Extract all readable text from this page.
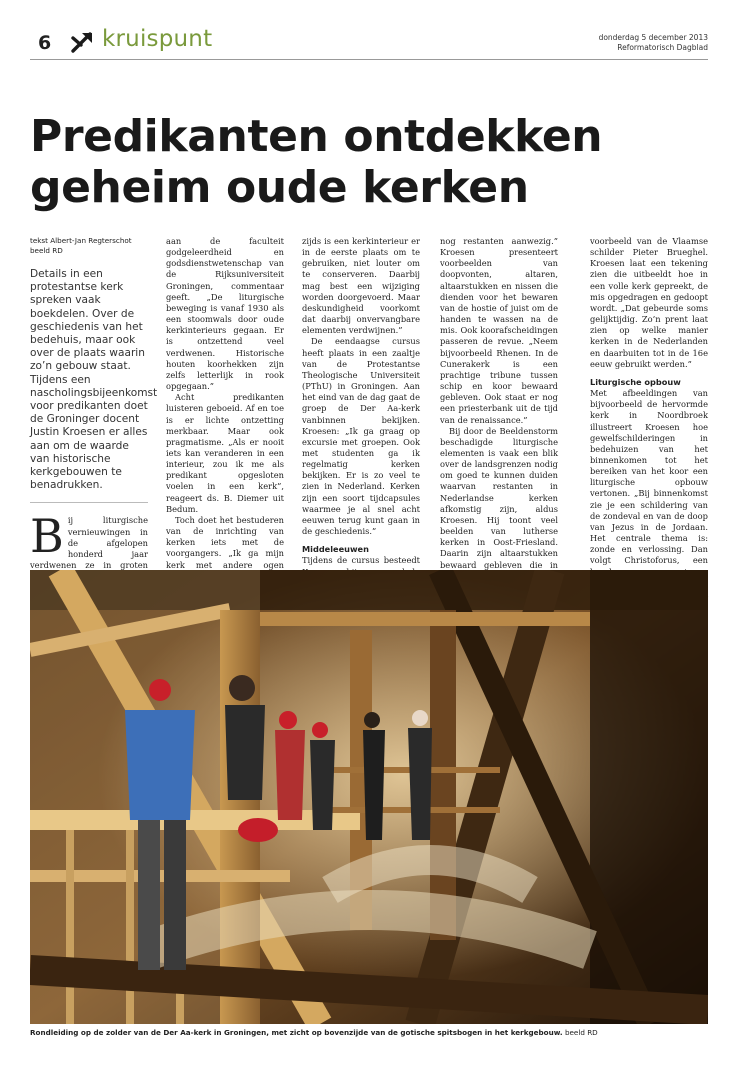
6 kruispunt	donderdag 5 december 2013
Reformatorisch Dagblad
Predikanten ontdekken
geheim oude kerken
tekst Albert-Jan Regterschot
beeld RD
Details in een protestantse kerk spreken vaak boekdelen. Over de geschiedenis van het bedehuis, maar ook over de plaats waarin zo’n gebouw staat. Tijdens een nascholingsbijeenkomst voor predikanten doet de Groninger docent Justin Kroesen er alles aan om de waarde van historische kerkgebouwen te benadrukken.

Bij liturgische vernieuwingen in de afgelopen honderd jaar verdwenen ze in groten

aan de faculteit godgeleerdheid en godsdienstwetenschap van de Rijksuniversiteit Groningen, commentaar geeft. „De liturgische beweging is vanaf 1930 als een stoomwals door oude kerkinterieurs gegaan. Er is ontzettend veel verdwenen. Historische houten koorhekken zijn zelfs letterlijk in rook opgegaan.”

Acht predikanten luisteren geboeid. Af en toe is er lichte ontzetting merkbaar. Maar ook pragmatisme. „Als er nooit iets kan veranderen in een interieur, zou ik me als predikant opgesloten voelen in een kerk”, reageert ds. B. Diemer uit Bedum.

Toch doet het bestuderen van de inrichting van kerken iets met de voorgangers. „Ik ga mijn kerk met andere ogen

zijds is een kerkinterieur er in de eerste plaats om te gebruiken, niet louter om te conserveren. Daarbij mag best een wijziging worden doorgevoerd. Maar deskundigheid voorkomt dat daarbij onvervangbare elementen verdwijnen.”

De eendaagse cursus heeft plaats in een zaaltje van de Protestantse Theologische Universiteit (PThU) in Groningen. Aan het eind van de dag gaat de groep de Der Aa-kerk vanbinnen bekijken. Kroesen: „Ik ga graag op excursie met groepen. Ook met studenten ga ik regelmatig kerken bekijken. Er is zo veel te zien in Nederland. Kerken zijn een soort tijdcapsules waarmee je al snel acht eeuwen terug kunt gaan in de geschiedenis.”

Middeleeuwen

Tijdens de cursus besteedt

nog restanten aanwezig.” Kroesen presenteert voorbeelden van doopvonten, altaren, altaarstukken en nissen die dienden voor het bewaren van de hostie of juist om de handen te wassen na de mis. Ook koorafscheidingen passeren de revue. „Neem bijvoorbeeld Rhenen. In de Cunerakerk is een prachtige tribune tussen schip en koor bewaard gebleven. Ook staat er nog een priesterbank uit de tijd van de renaissance.”

Bij door de Beeldenstorm beschadigde liturgische elementen is vaak een blik over de landsgrenzen nodig om goed te kunnen duiden waarvan restanten in Nederlandse kerken afkomstig zijn, aldus Kroesen. Hij toont veel beelden van lutherse kerken in Oost-Friesland. Daarin zijn altaarstukken bewaard gebleven die in

voorbeeld van de Vlaamse schilder Pieter Brueghel. Kroesen laat een tekening zien die uitbeeldt hoe in een volle kerk gepreekt, de mis opgedragen en gedoopt wordt. „Dat gebeurde soms gelijktijdig. Zo’n prent laat zien op welke manier kerken in de Nederlanden en daarbuiten tot in de 16e eeuw gebruikt werden.”

Liturgische opbouw

Met afbeeldingen van bijvoorbeeld de hervormde kerk in Noordbroek illustreert Kroesen hoe gewelfschilderingen in bedehuizen van het binnenkomen tot het bereiken van het koor een liturgische opbouw vertonen. „Bij binnenkomst zie je een schildering van de zondeval en van de doop van Jezus in de Jordaan. Het centrale thema is: zonde en verlossing. Dan volgt Christoforus, een

Rondleiding op de zolder van de Der Aa-kerk in Groningen, met zicht op bovenzijde van de gotische spitsbogen in het kerkgebouw. beeld RD
